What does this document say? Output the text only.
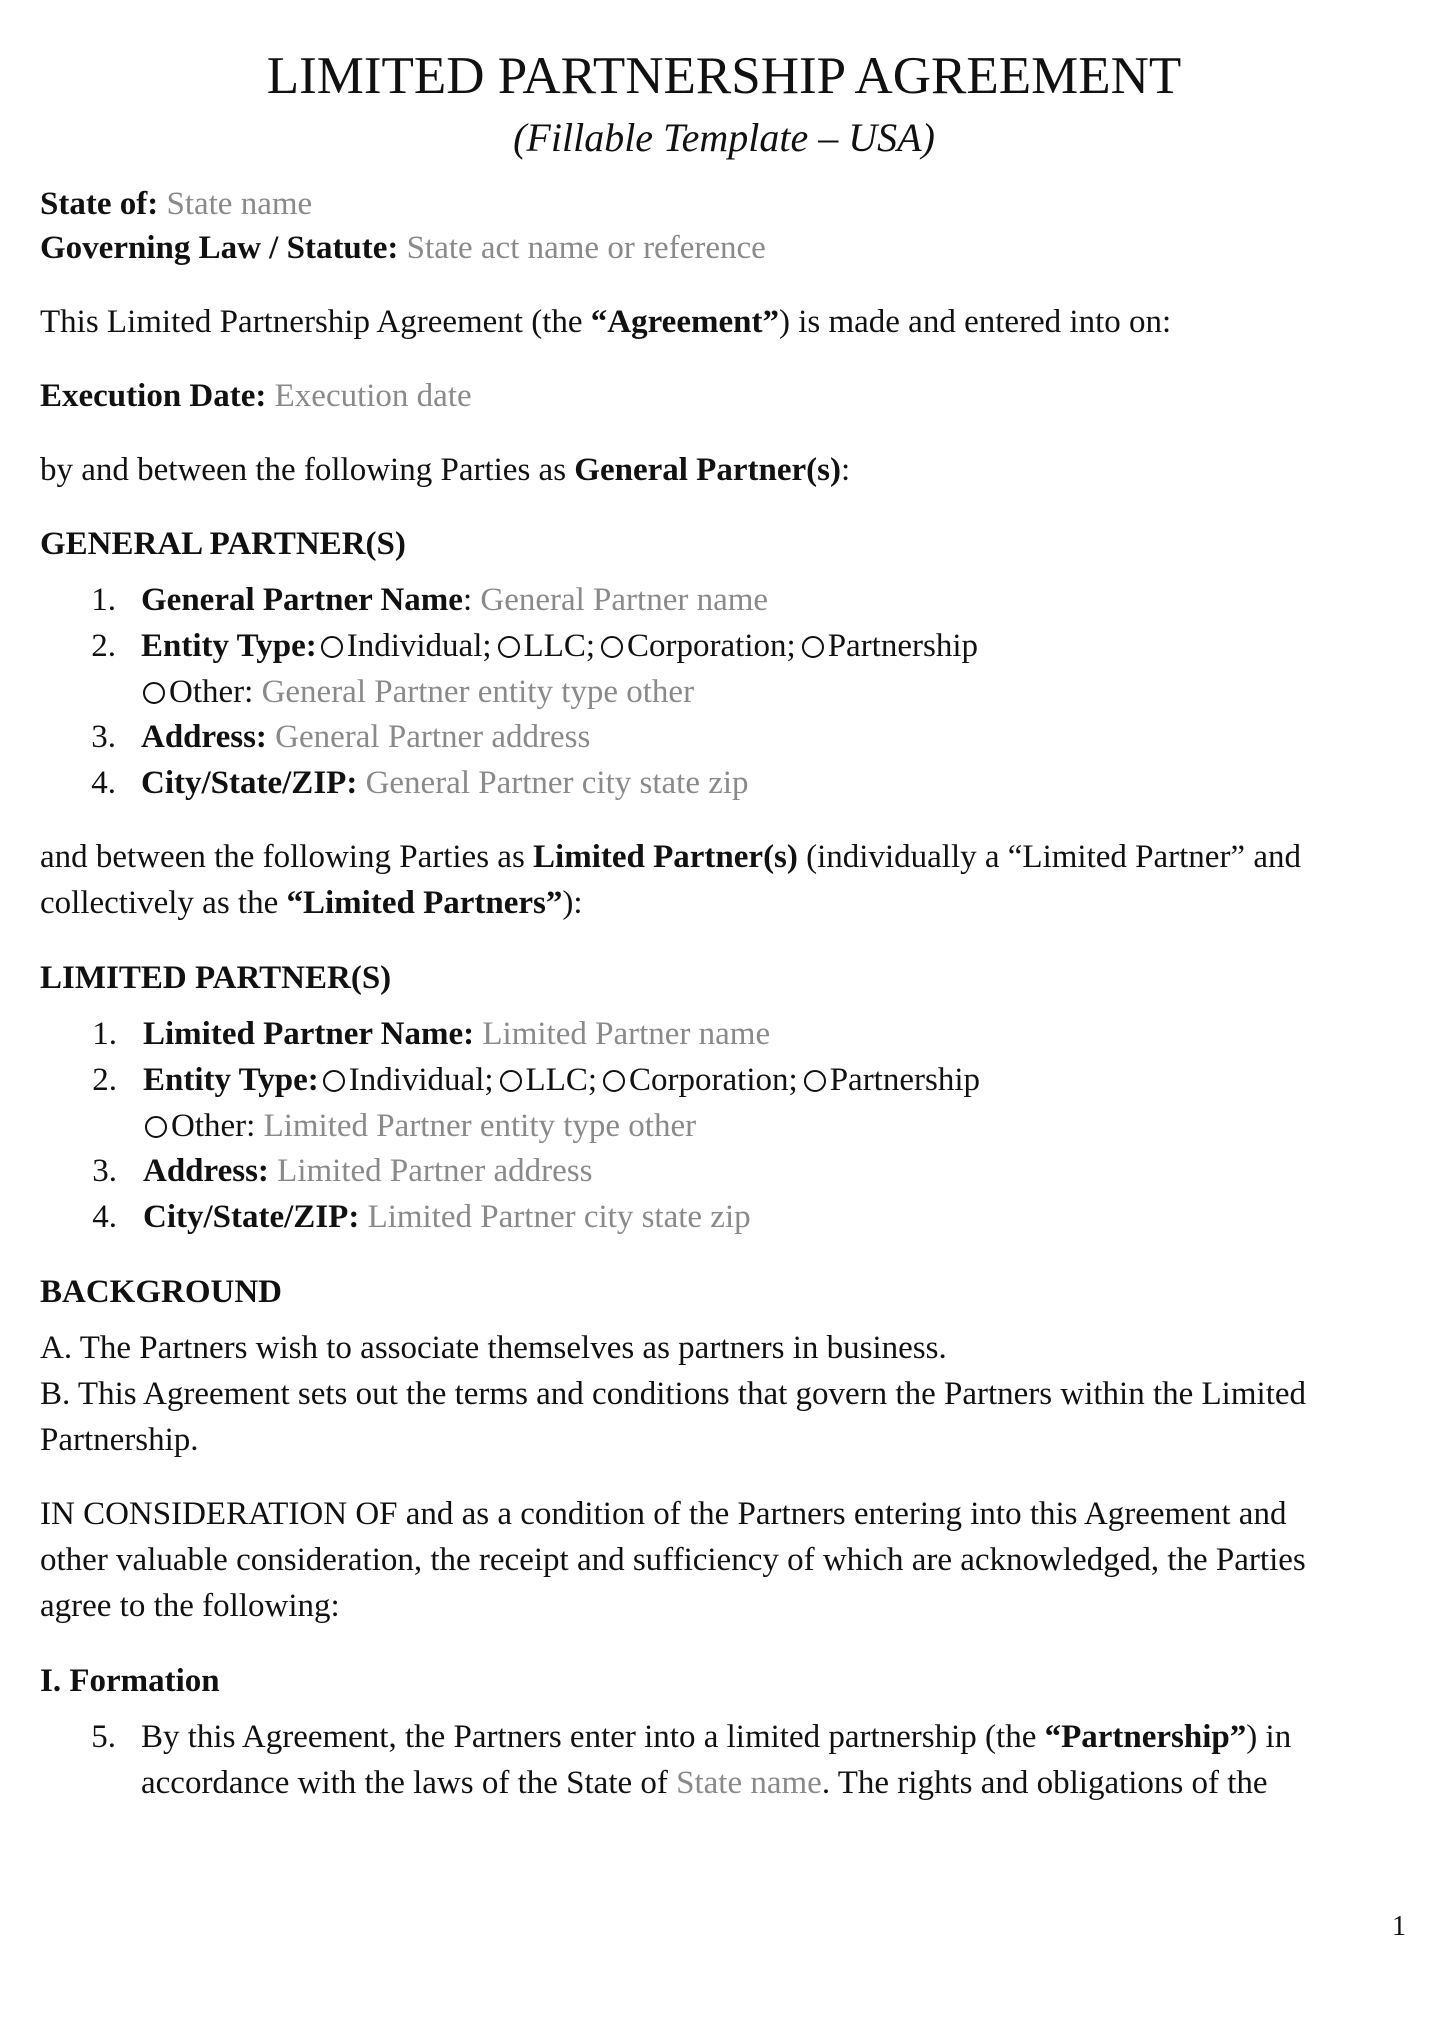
LIMITED PARTNERSHIP AGREEMENT
(Fillable Template – USA)
State of: State name
Governing Law / Statute: State act name or reference
This Limited Partnership Agreement (the “Agreement”) is made and entered into on:
Execution Date: Execution date
by and between the following Parties as General Partner(s):
GENERAL PARTNER(S)
1. General Partner Name: General Partner name
2. Entity Type: Individual; LLC; Corporation; Partnership
Other: General Partner entity type other
3. Address: General Partner address
4. City/State/ZIP: General Partner city state zip
and between the following Parties as Limited Partner(s) (individually a “Limited Partner” and
collectively as the “Limited Partners”):
LIMITED PARTNER(S)
1. Limited Partner Name: Limited Partner name
2. Entity Type: Individual; LLC; Corporation; Partnership
Other: Limited Partner entity type other
3. Address: Limited Partner address
4. City/State/ZIP: Limited Partner city state zip
BACKGROUND
A. The Partners wish to associate themselves as partners in business.
B. This Agreement sets out the terms and conditions that govern the Partners within the Limited
Partnership.
IN CONSIDERATION OF and as a condition of the Partners entering into this Agreement and
other valuable consideration, the receipt and sufficiency of which are acknowledged, the Parties
agree to the following:
I. Formation
5. By this Agreement, the Partners enter into a limited partnership (the “Partnership”) in
accordance with the laws of the State of State name. The rights and obligations of the
1
